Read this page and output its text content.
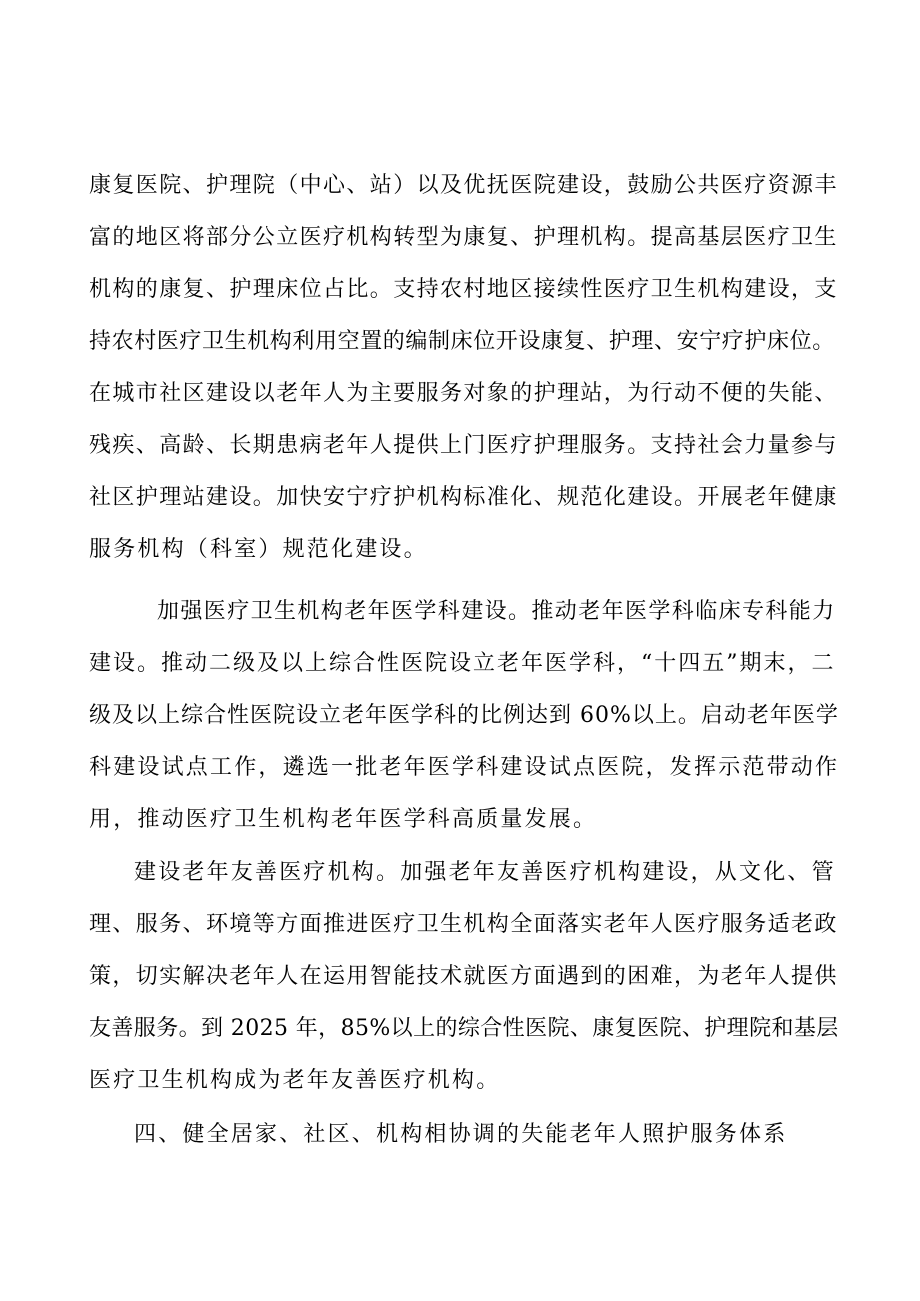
康复医院、护理院（中心、站）以及优抚医院建设，鼓励公共医疗资源丰
富的地区将部分公立医疗机构转型为康复、护理机构。提高基层医疗卫生
机构的康复、护理床位占比。支持农村地区接续性医疗卫生机构建设，支
持农村医疗卫生机构利用空置的编制床位开设康复、护理、安宁疗护床位。
在城市社区建设以老年人为主要服务对象的护理站，为行动不便的失能、
残疾、高龄、长期患病老年人提供上门医疗护理服务。支持社会力量参与
社区护理站建设。加快安宁疗护机构标准化、规范化建设。开展老年健康
服务机构（科室）规范化建设。
加强医疗卫生机构老年医学科建设。推动老年医学科临床专科能力
建设。推动二级及以上综合性医院设立老年医学科，“十四五”期末，二
级及以上综合性医院设立老年医学科的比例达到 60%以上。启动老年医学
科建设试点工作，遴选一批老年医学科建设试点医院，发挥示范带动作
用，推动医疗卫生机构老年医学科高质量发展。
建设老年友善医疗机构。加强老年友善医疗机构建设，从文化、管
理、服务、环境等方面推进医疗卫生机构全面落实老年人医疗服务适老政
策，切实解决老年人在运用智能技术就医方面遇到的困难，为老年人提供
友善服务。到 2025 年，85%以上的综合性医院、康复医院、护理院和基层
医疗卫生机构成为老年友善医疗机构。
四、健全居家、社区、机构相协调的失能老年人照护服务体系
